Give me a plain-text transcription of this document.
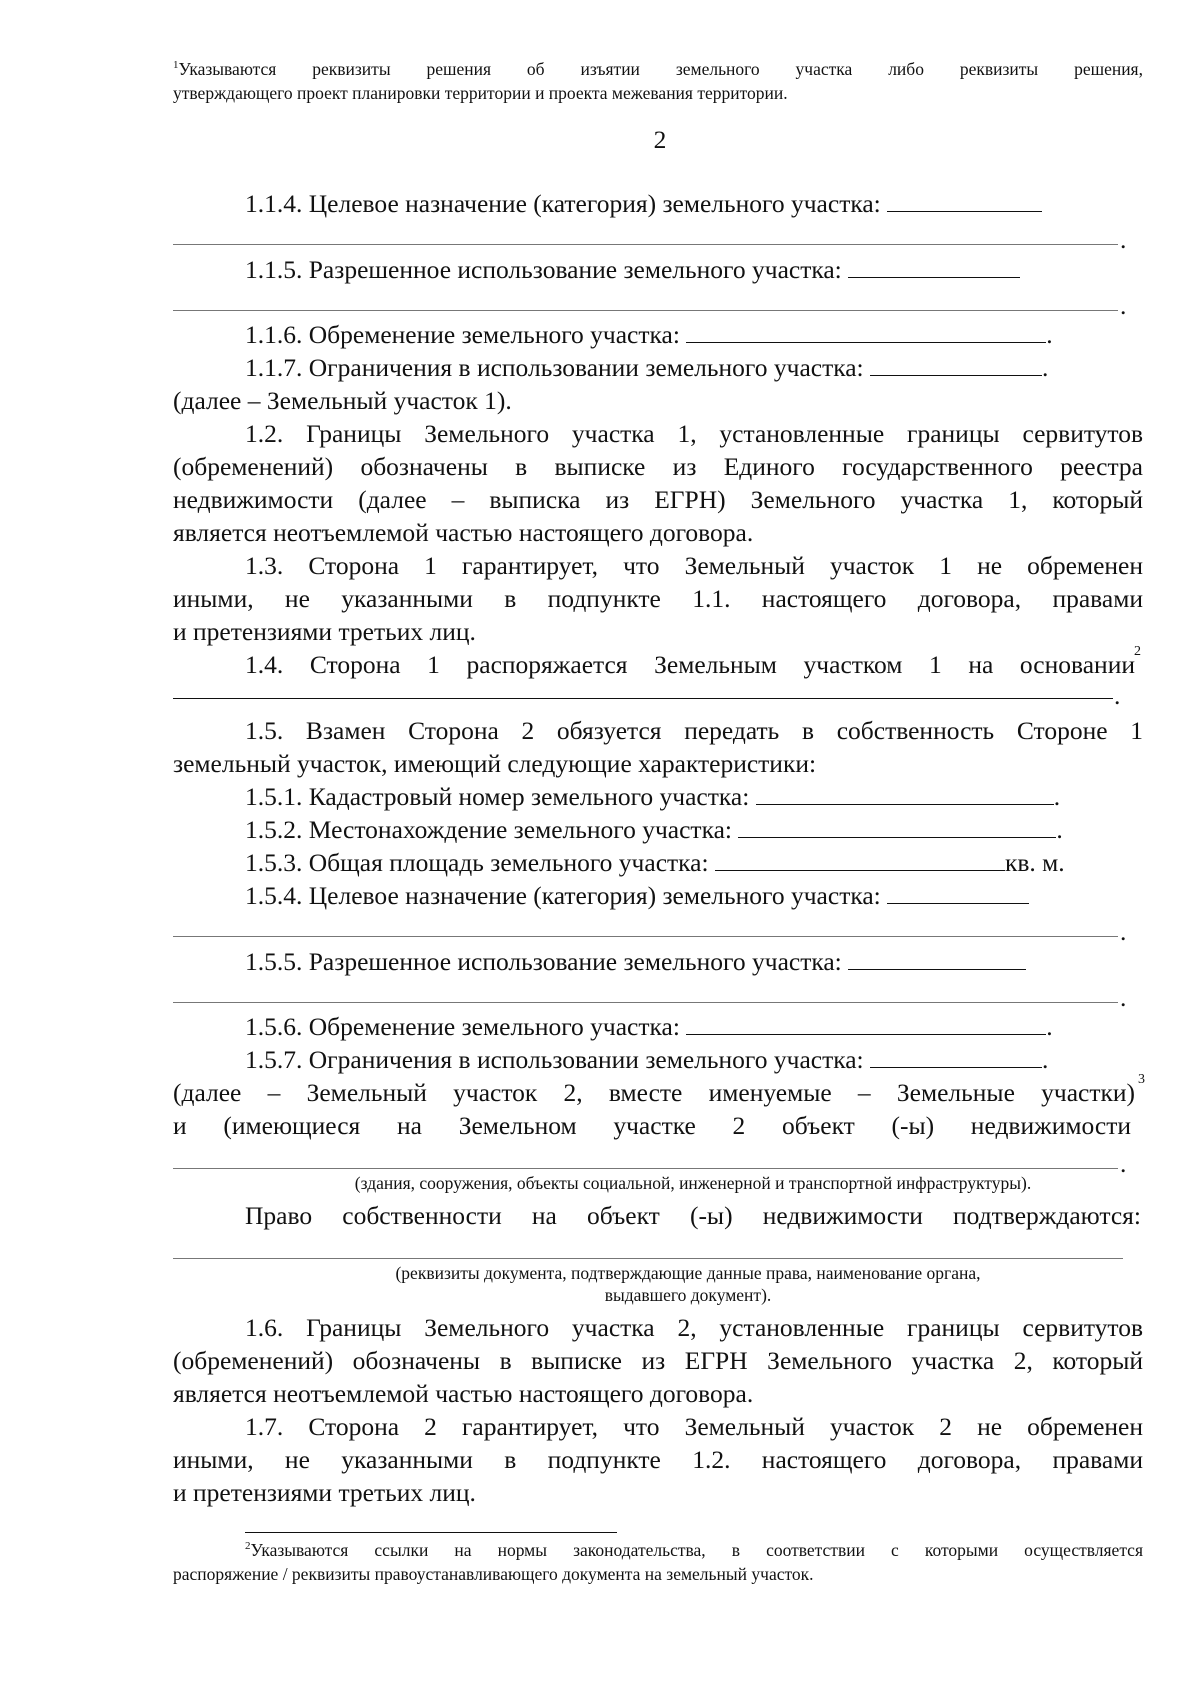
$^1$Указываются реквизиты решения об изъятии земельного участка либо реквизиты решения,
утверждающего проект планировки территории и проекта межевания территории.
2
1.1.4. Целевое назначение (категория) земельного участка:
.
1.1.5. Разрешенное использование земельного участка:
.
1.1.6. Обременение земельного участка:	.
1.1.7. Ограничения в использовании земельного участка:	.
(далее – Земельный участок 1).
1.2. Границы Земельного участка 1, установленные границы сервитутов
(обременений) обозначены в выписке из Единого государственного реестра
недвижимости (далее – выписка из ЕГРН) Земельного участка 1, который
является неотъемлемой частью настоящего договора.
1.3. Сторона 1 гарантирует, что Земельный участок 1 не обременен
иными, не указанными в подпункте 1.1. настоящего договора, правами
и претензиями третьих лиц.
1.4. Сторона 1 распоряжается Земельным участком 1 на основании 2
.
1.5. Взамен Сторона 2 обязуется передать в собственность Стороне 1
земельный участок, имеющий следующие характеристики:
1.5.1. Кадастровый номер земельного участка:	.
1.5.2. Местонахождение земельного участка:	.
1.5.3. Общая площадь земельного участка:	кв. м.
1.5.4. Целевое назначение (категория) земельного участка:
.
1.5.5. Разрешенное использование земельного участка:
.
1.5.6. Обременение земельного участка:	.
1.5.7. Ограничения в использовании земельного участка:	.
(далее – Земельный участок 2, вместе именуемые – Земельные участки) 3
и (имеющиеся на Земельном участке 2 объект (-ы) недвижимости
.
(здания, сооружения, объекты социальной, инженерной и транспортной инфраструктуры).
Право собственности на объект (-ы) недвижимости подтверждаются:
(реквизиты документа, подтверждающие данные права, наименование органа,
выдавшего документ).
1.6. Границы Земельного участка 2, установленные границы сервитутов
(обременений) обозначены в выписке из ЕГРН Земельного участка 2, который
является неотъемлемой частью настоящего договора.
1.7. Сторона 2 гарантирует, что Земельный участок 2 не обременен
иными, не указанными в подпункте 1.2. настоящего договора, правами
и претензиями третьих лиц.
$^2$Указываются ссылки на нормы законодательства, в соответствии с которыми осуществляется
распоряжение / реквизиты правоустанавливающего документа на земельный участок.
